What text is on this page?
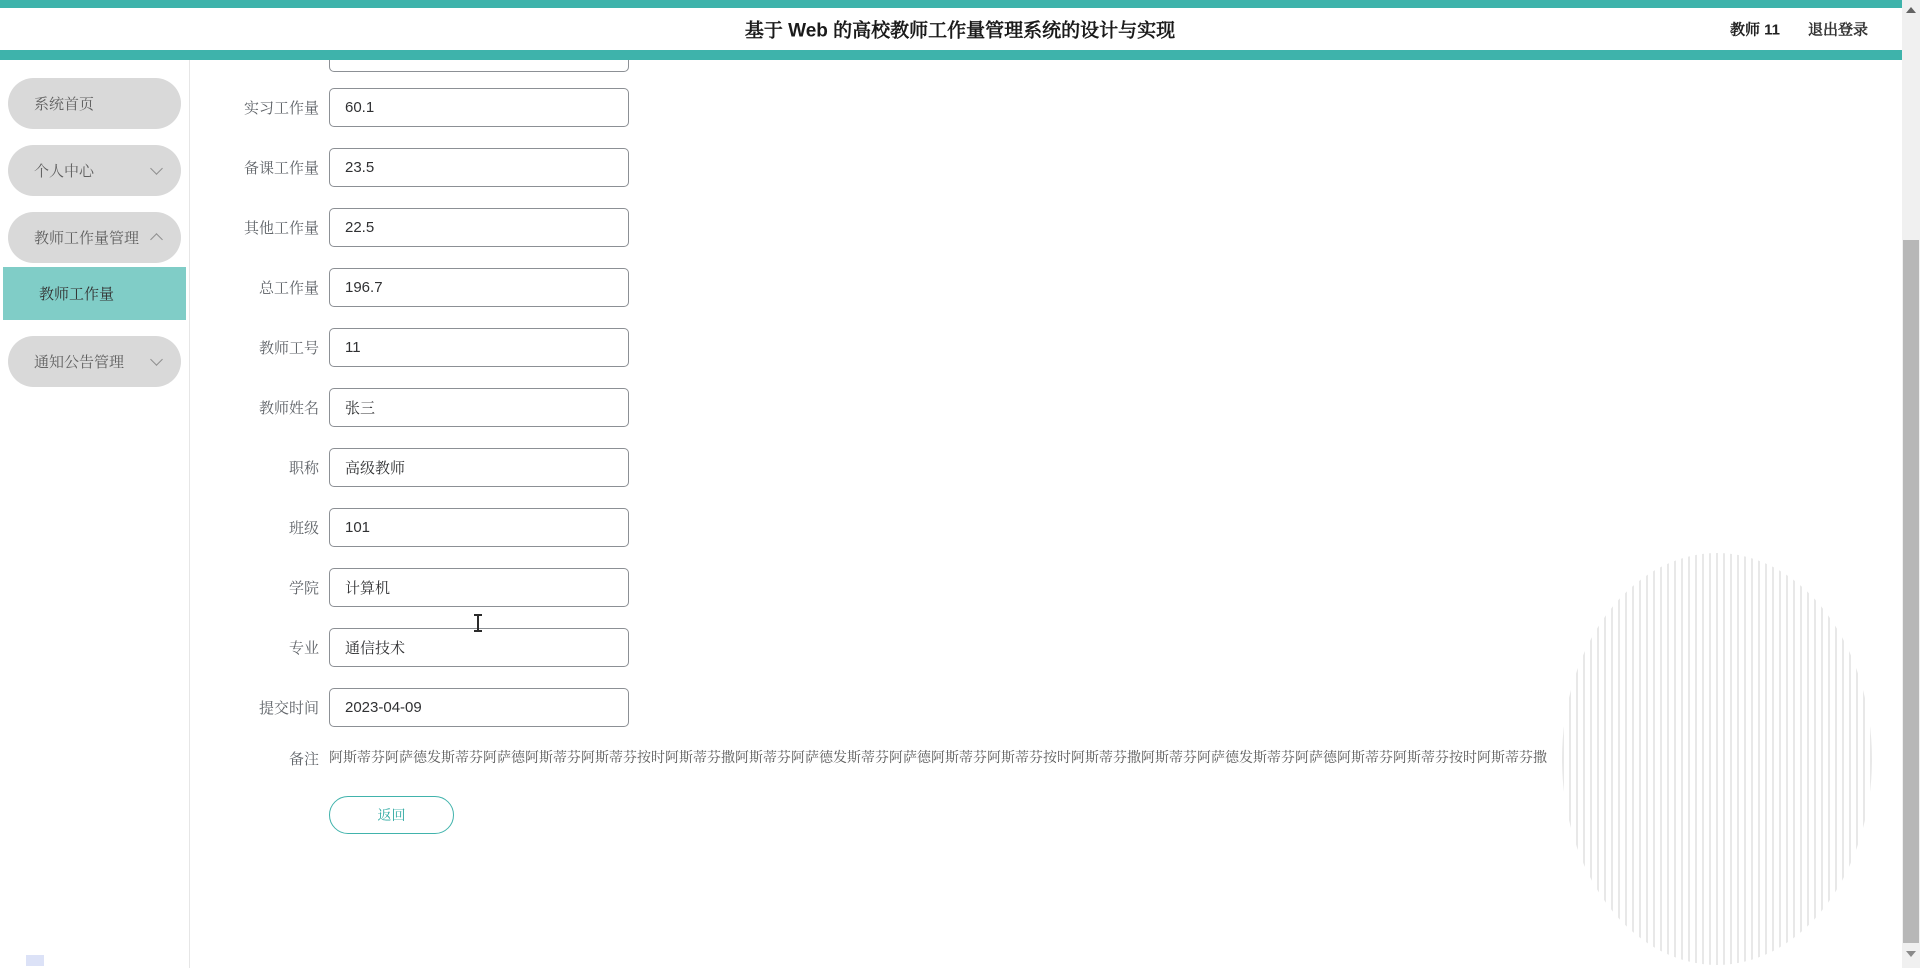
基于 Web 的高校教师工作量管理系统的设计与实现	教师 11 退出登录
系统首页
个人中心
教师工作量管理
教师工作量
通知公告管理
实习工作量
60.1
备课工作量
23.5
其他工作量
22.5
总工作量
196.7
教师工号
11
教师姓名
张三
职称
高级教师
班级
101
学院
计算机
专业
通信技术
提交时间
2023-04-09
备注 阿斯蒂芬阿萨德发斯蒂芬阿萨德阿斯蒂芬阿斯蒂芬按时阿斯蒂芬撒阿斯蒂芬阿萨德发斯蒂芬阿萨德阿斯蒂芬阿斯蒂芬按时阿斯蒂芬撒阿斯蒂芬阿萨德发斯蒂芬阿萨德阿斯蒂芬阿斯蒂芬按时阿斯蒂芬撒
返回
